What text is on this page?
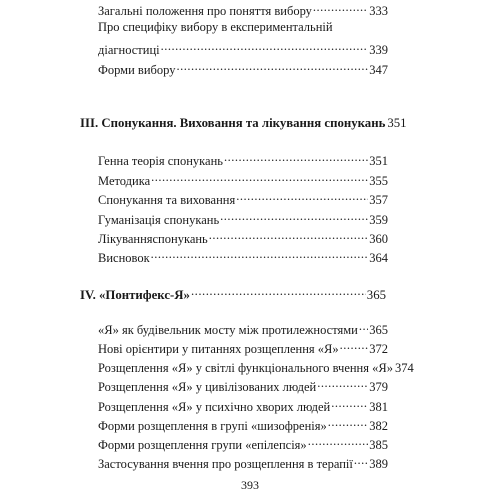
Загальні положення про поняття вибору .....	333
Про специфіку вибору в експериментальній
діагностиці .....	339
Форми вибору .....	347
ІІІ. Спонукання. Виховання та лікування спонукань 351
Генна теорія спонукань .....	351
Методика .....	355
Спонукання та виховання .....	357
Гуманізація спонукань .....	359
Лікуванняспонукань .....	360
Висновок .....	364
IV. «Понтифекс-Я» .....	365
«Я» як будівельник мосту між протилежностями ..... 365
Нові орієнтири у питаннях розщеплення «Я» ..... 372
Розщеплення «Я» у світлі функціонального вчення «Я» 374
Розщеплення «Я» у цивілізованих людей .....	379
Розщеплення «Я» у психічно хворих людей .....	381
Форми розщеплення в групі «шизофренія» .....	382
Форми розщеплення групи «епілепсія» .....	385
Застосування вчення про розщеплення в терапії ..... 389
393
